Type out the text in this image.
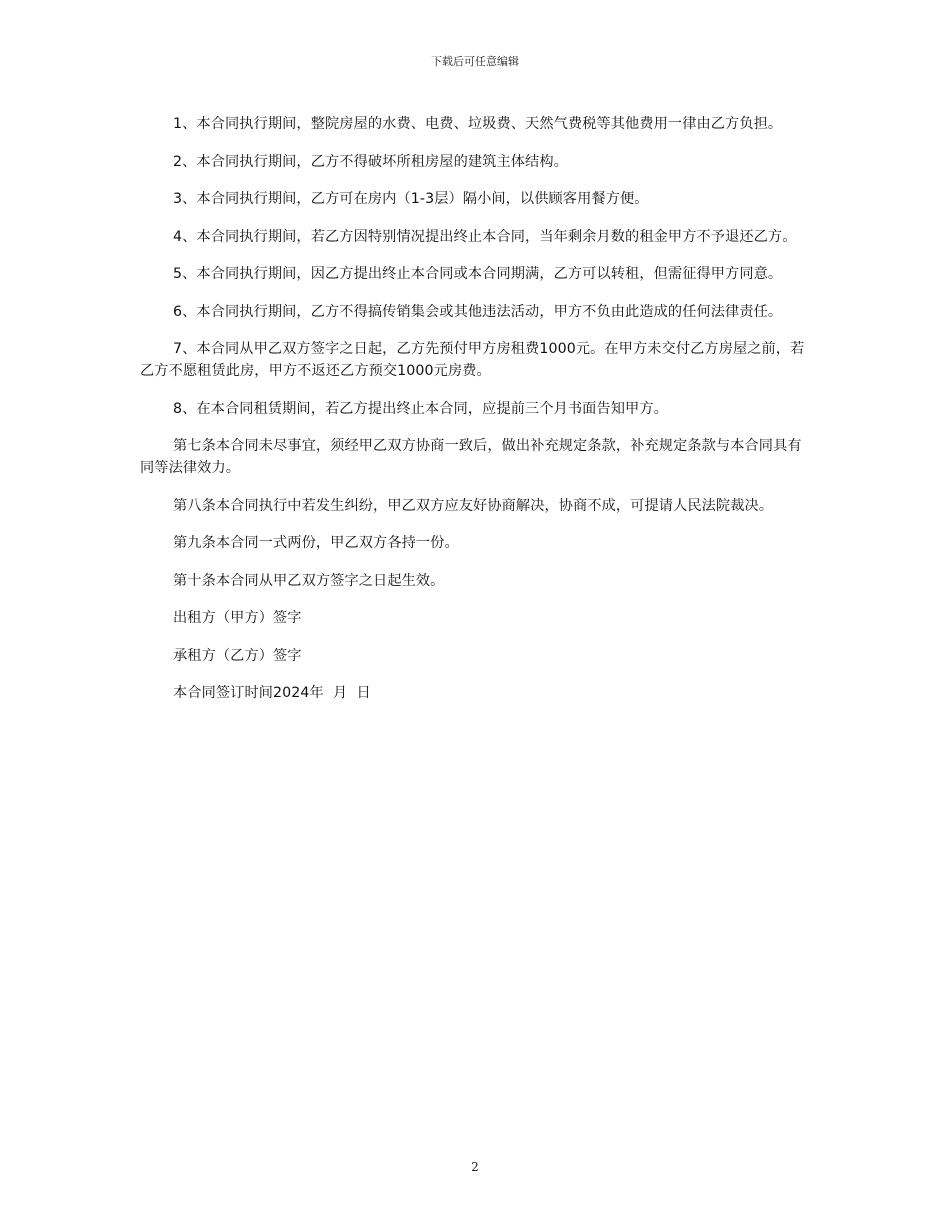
下载后可任意编辑

1、本合同执行期间，整院房屋的水费、电费、垃圾费、天然气费税等其他费用一律由乙方负担。

2、本合同执行期间，乙方不得破坏所租房屋的建筑主体结构。

3、本合同执行期间，乙方可在房内（1-3层）隔小间，以供顾客用餐方便。

4、本合同执行期间，若乙方因特别情况提出终止本合同，当年剩余月数的租金甲方不予退还乙方。

5、本合同执行期间，因乙方提出终止本合同或本合同期满，乙方可以转租，但需征得甲方同意。

6、本合同执行期间，乙方不得搞传销集会或其他违法活动，甲方不负由此造成的任何法律责任。

7、本合同从甲乙双方签字之日起，乙方先预付甲方房租费1000元。在甲方未交付乙方房屋之前，若乙方不愿租赁此房，甲方不返还乙方预交1000元房费。

8、在本合同租赁期间，若乙方提出终止本合同，应提前三个月书面告知甲方。

第七条本合同未尽事宜，须经甲乙双方协商一致后，做出补充规定条款，补充规定条款与本合同具有同等法律效力。

第八条本合同执行中若发生纠纷，甲乙双方应友好协商解决，协商不成，可提请人民法院裁决。

第九条本合同一式两份，甲乙双方各持一份。

第十条本合同从甲乙双方签字之日起生效。

出租方（甲方）签字

承租方（乙方）签字

本合同签订时间2024年  月  日

2
